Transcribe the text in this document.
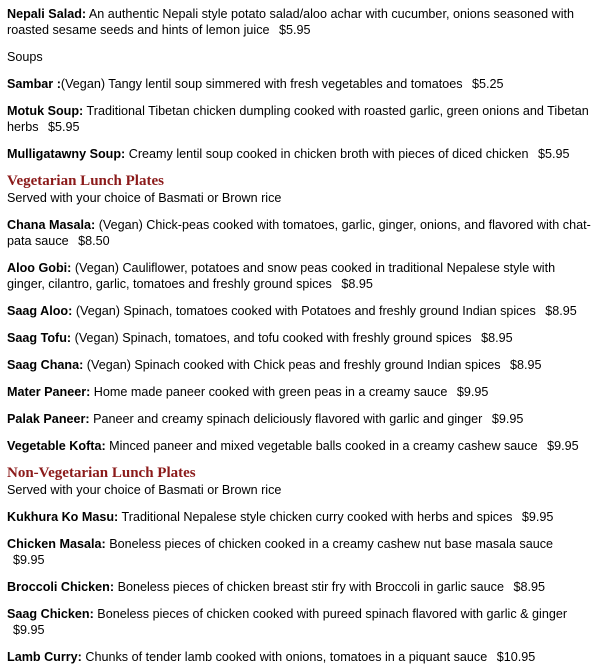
Nepali Salad: An authentic Nepali style potato salad/aloo achar with cucumber, onions seasoned with roasted sesame seeds and hints of lemon juice $5.95

Soups

Sambar :(Vegan) Tangy lentil soup simmered with fresh vegetables and tomatoes $5.25

Motuk Soup: Traditional Tibetan chicken dumpling cooked with roasted garlic, green onions and Tibetan herbs $5.95

Mulligatawny Soup: Creamy lentil soup cooked in chicken broth with pieces of diced chicken $5.95

Vegetarian Lunch Plates

Served with your choice of Basmati or Brown rice

Chana Masala: (Vegan) Chick-peas cooked with tomatoes, garlic, ginger, onions, and flavored with chat-pata sauce $8.50

Aloo Gobi: (Vegan) Cauliflower, potatoes and snow peas cooked in traditional Nepalese style with ginger, cilantro, garlic, tomatoes and freshly ground spices $8.95

Saag Aloo: (Vegan) Spinach, tomatoes cooked with Potatoes and freshly ground Indian spices $8.95

Saag Tofu: (Vegan) Spinach, tomatoes, and tofu cooked with freshly ground spices $8.95

Saag Chana: (Vegan) Spinach cooked with Chick peas and freshly ground Indian spices $8.95

Mater Paneer: Home made paneer cooked with green peas in a creamy sauce $9.95

Palak Paneer: Paneer and creamy spinach deliciously flavored with garlic and ginger $9.95

Vegetable Kofta: Minced paneer and mixed vegetable balls cooked in a creamy cashew sauce $9.95

Non-Vegetarian Lunch Plates

Served with your choice of Basmati or Brown rice

Kukhura Ko Masu: Traditional Nepalese style chicken curry cooked with herbs and spices $9.95

Chicken Masala: Boneless pieces of chicken cooked in a creamy cashew nut base masala sauce $9.95

Broccoli Chicken: Boneless pieces of chicken breast stir fry with Broccoli in garlic sauce $8.95

Saag Chicken: Boneless pieces of chicken cooked with pureed spinach flavored with garlic & ginger $9.95

Lamb Curry: Chunks of tender lamb cooked with onions, tomatoes in a piquant sauce $10.95
